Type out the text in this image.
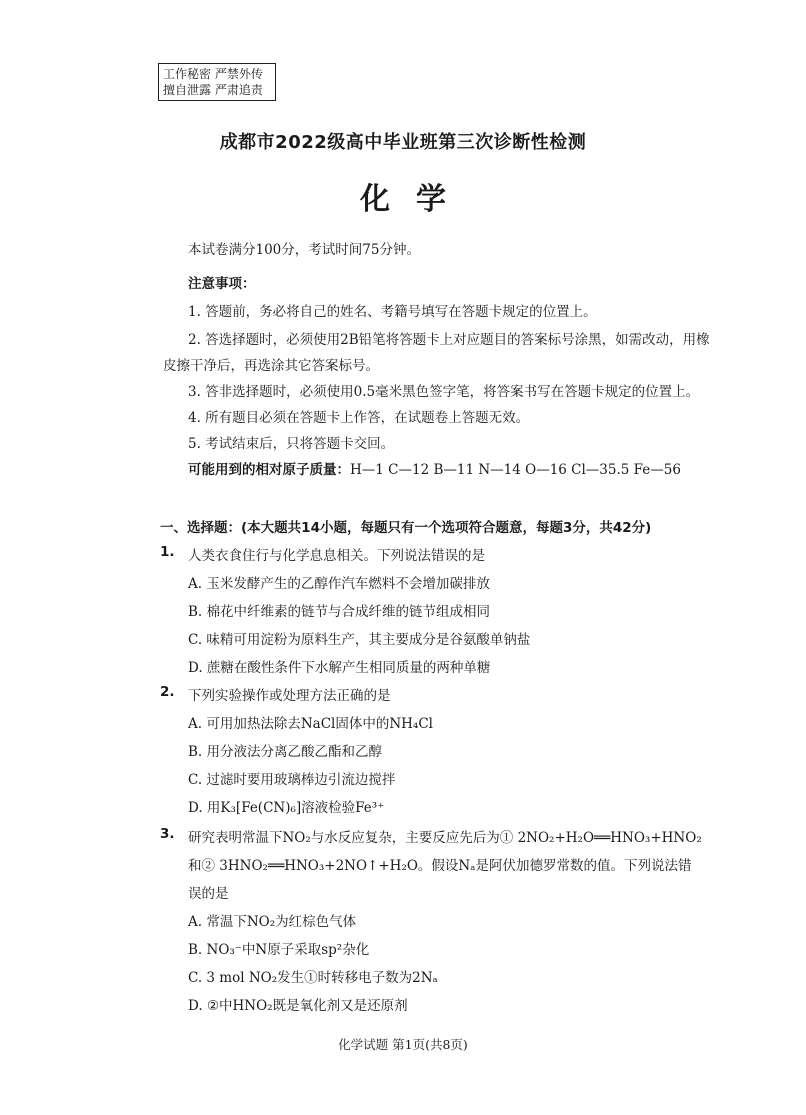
工作秘密 严禁外传
擅自泄露 严肃追责
成都市2022级高中毕业班第三次诊断性检测
化学
本试卷满分100分，考试时间75分钟。
注意事项：
1. 答题前，务必将自己的姓名、考籍号填写在答题卡规定的位置上。
2. 答选择题时，必须使用2B铅笔将答题卡上对应题目的答案标号涂黑，如需改动，用橡
皮擦干净后，再选涂其它答案标号。
3. 答非选择题时，必须使用0.5毫米黑色签字笔，将答案书写在答题卡规定的位置上。
4. 所有题目必须在答题卡上作答，在试题卷上答题无效。
5. 考试结束后，只将答题卡交回。
可能用到的相对原子质量：H—1 C—12 B—11 N—14 O—16 Cl—35.5 Fe—56
一、选择题：(本大题共14小题，每题只有一个选项符合题意，每题3分，共42分)
1. 人类衣食住行与化学息息相关。下列说法错误的是
A. 玉米发酵产生的乙醇作汽车燃料不会增加碳排放
B. 棉花中纤维素的链节与合成纤维的链节组成相同
C. 味精可用淀粉为原料生产，其主要成分是谷氨酸单钠盐
D. 蔗糖在酸性条件下水解产生相同质量的两种单糖
2. 下列实验操作或处理方法正确的是
A. 可用加热法除去NaCl固体中的NH₄Cl
B. 用分液法分离乙酸乙酯和乙醇
C. 过滤时要用玻璃棒边引流边搅拌
D. 用K₃[Fe(CN)₆]溶液检验Fe³⁺
3. 研究表明常温下NO₂与水反应复杂，主要反应先后为① 2NO₂+H₂O══HNO₃+HNO₂
和② 3HNO₂══HNO₃+2NO↑+H₂O。假设Nₐ是阿伏加德罗常数的值。下列说法错
误的是
A. 常温下NO₂为红棕色气体
B. NO₃⁻中N原子采取sp²杂化
C. 3 mol NO₂发生①时转移电子数为2Nₐ
D. ②中HNO₂既是氧化剂又是还原剂
化学试题 第1页(共8页)
